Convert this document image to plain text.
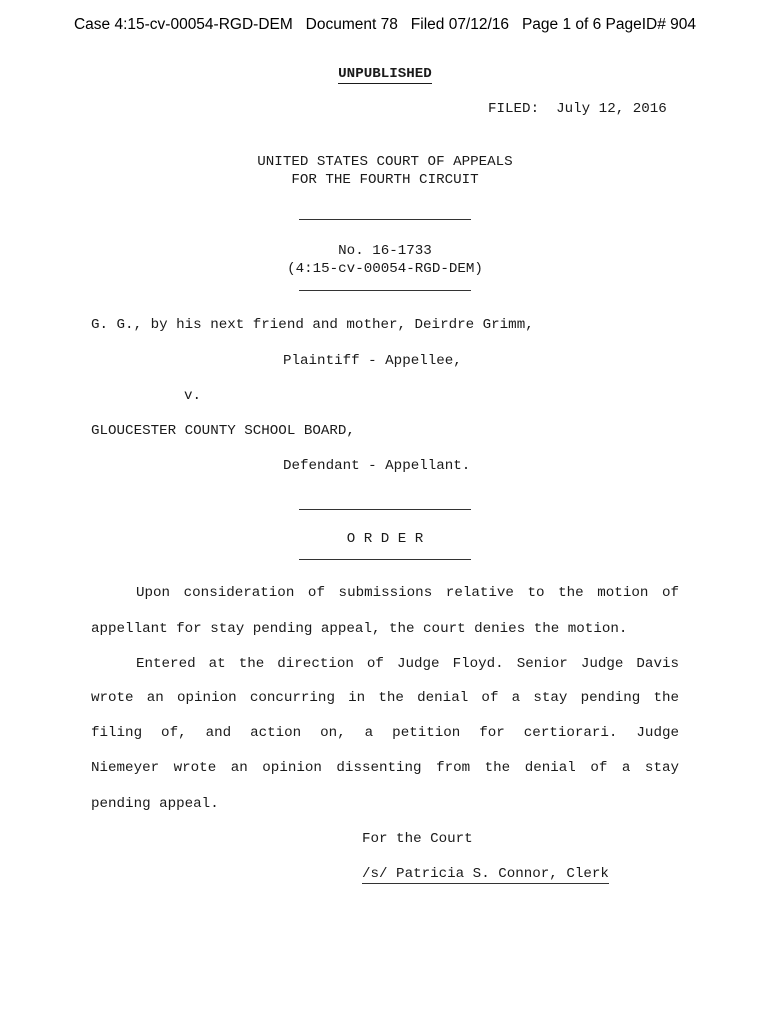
Case 4:15-cv-00054-RGD-DEM   Document 78   Filed 07/12/16   Page 1 of 6 PageID# 904
UNPUBLISHED
FILED:  July 12, 2016
UNITED STATES COURT OF APPEALS
FOR THE FOURTH CIRCUIT
No. 16-1733
(4:15-cv-00054-RGD-DEM)
G. G., by his next friend and mother, Deirdre Grimm,
Plaintiff - Appellee,
v.
GLOUCESTER COUNTY SCHOOL BOARD,
Defendant - Appellant.
O R D E R
Upon consideration of submissions relative to the motion of
appellant for stay pending appeal, the court denies the motion.
Entered at the direction of Judge Floyd. Senior Judge Davis
wrote an opinion concurring in the denial of a stay pending the
filing of, and action on, a petition for certiorari. Judge
Niemeyer wrote an opinion dissenting from the denial of a stay
pending appeal.
For the Court
/s/ Patricia S. Connor, Clerk
